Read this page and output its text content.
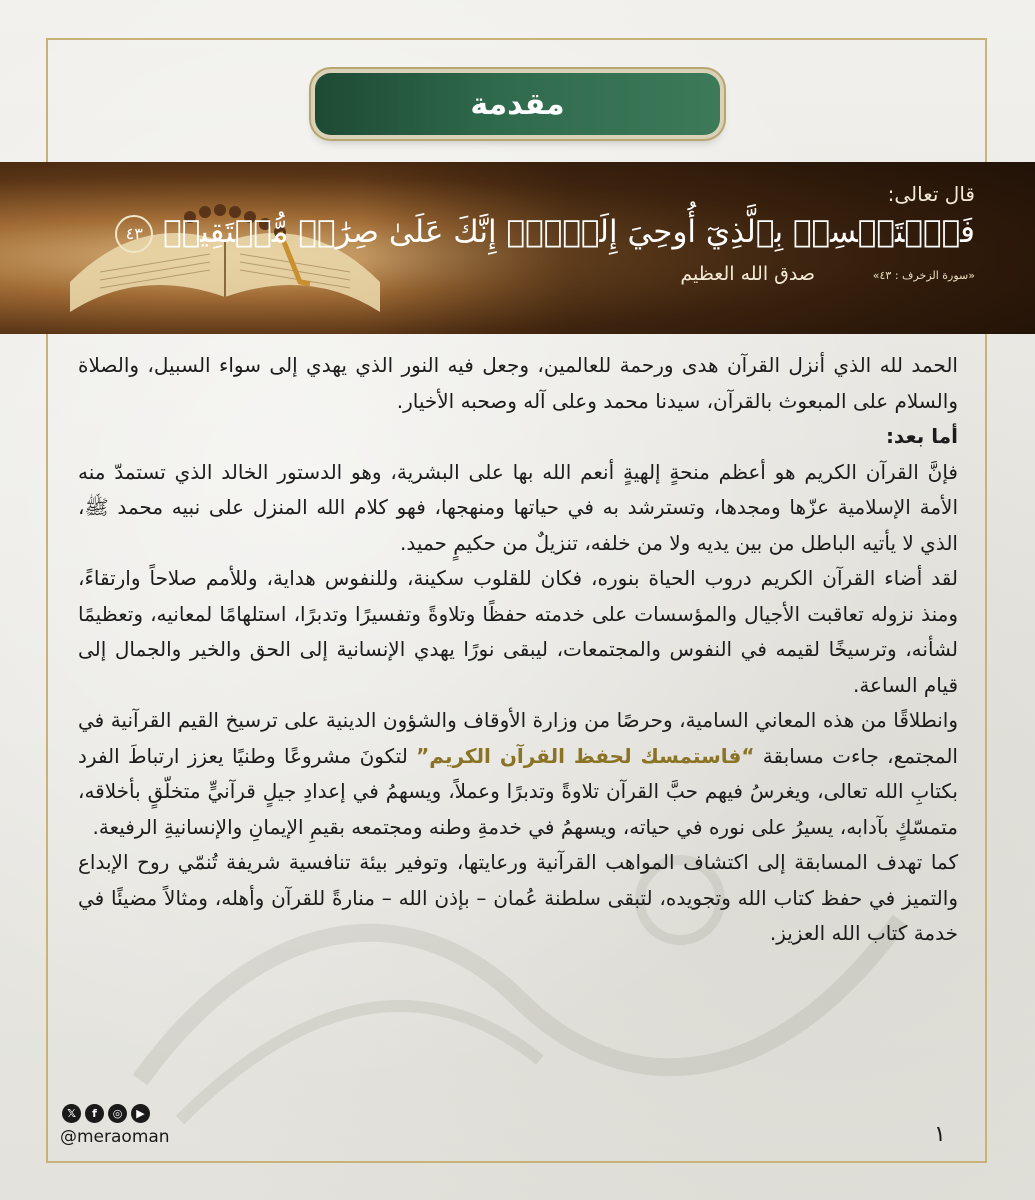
مقدمة
قال تعالى:
فَٱسۡتَمۡسِكۡ بِٱلَّذِيٓ أُوحِيَ إِلَيۡكَۖ إِنَّكَ عَلَىٰ صِرَٰطٖ مُّسۡتَقِيمٖ ٤٣
صدق الله العظيم	«سورة الزخرف : ٤٣»

الحمد لله الذي أنزل القرآن هدى ورحمة للعالمين، وجعل فيه النور الذي يهدي إلى سواء السبيل، والصلاة والسلام على المبعوث بالقرآن، سيدنا محمد وعلى آله وصحبه الأخيار.

أما بعد:

فإنَّ القرآن الكريم هو أعظم منحةٍ إلهيةٍ أنعم الله بها على البشرية، وهو الدستور الخالد الذي تستمدّ منه الأمة الإسلامية عزّها ومجدها، وتسترشد به في حياتها ومنهجها، فهو كلام الله المنزل على نبيه محمد ﷺ، الذي لا يأتيه الباطل من بين يديه ولا من خلفه، تنزيلٌ من حكيمٍ حميد.

لقد أضاء القرآن الكريم دروب الحياة بنوره، فكان للقلوب سكينة، وللنفوس هداية، وللأمم صلاحاً وارتقاءً، ومنذ نزوله تعاقبت الأجيال والمؤسسات على خدمته حفظًا وتلاوةً وتفسيرًا وتدبرًا، استلهامًا لمعانيه، وتعظيمًا لشأنه، وترسيخًا لقيمه في النفوس والمجتمعات، ليبقى نورًا يهدي الإنسانية إلى الحق والخير والجمال إلى قيام الساعة.

وانطلاقًا من هذه المعاني السامية، وحرصًا من وزارة الأوقاف والشؤون الدينية على ترسيخ القيم القرآنية في المجتمع، جاءت مسابقة “فاستمسك لحفظ القرآن الكريم” لتكونَ مشروعًا وطنيًا يعزز ارتباطَ الفرد بكتابِ الله تعالى، ويغرسُ فيهم حبَّ القرآن تلاوةً وتدبرًا وعملاً، ويسهمُ في إعدادِ جيلٍ قرآنيٍّ متخلّقٍ بأخلاقه، متمسّكٍ بآدابه، يسيرُ على نوره في حياته، ويسهمُ في خدمةِ وطنه ومجتمعه بقيمِ الإيمانِ والإنسانيةِ الرفيعة.

كما تهدف المسابقة إلى اكتشاف المواهب القرآنية ورعايتها، وتوفير بيئة تنافسية شريفة تُنمّي روح الإبداع والتميز في حفظ كتاب الله وتجويده، لتبقى سلطنة عُمان – بإذن الله – منارةً للقرآن وأهله، ومثالاً مضيئًا في خدمة كتاب الله العزيز.

𝕏	f	◎	▶
@meraoman	١
